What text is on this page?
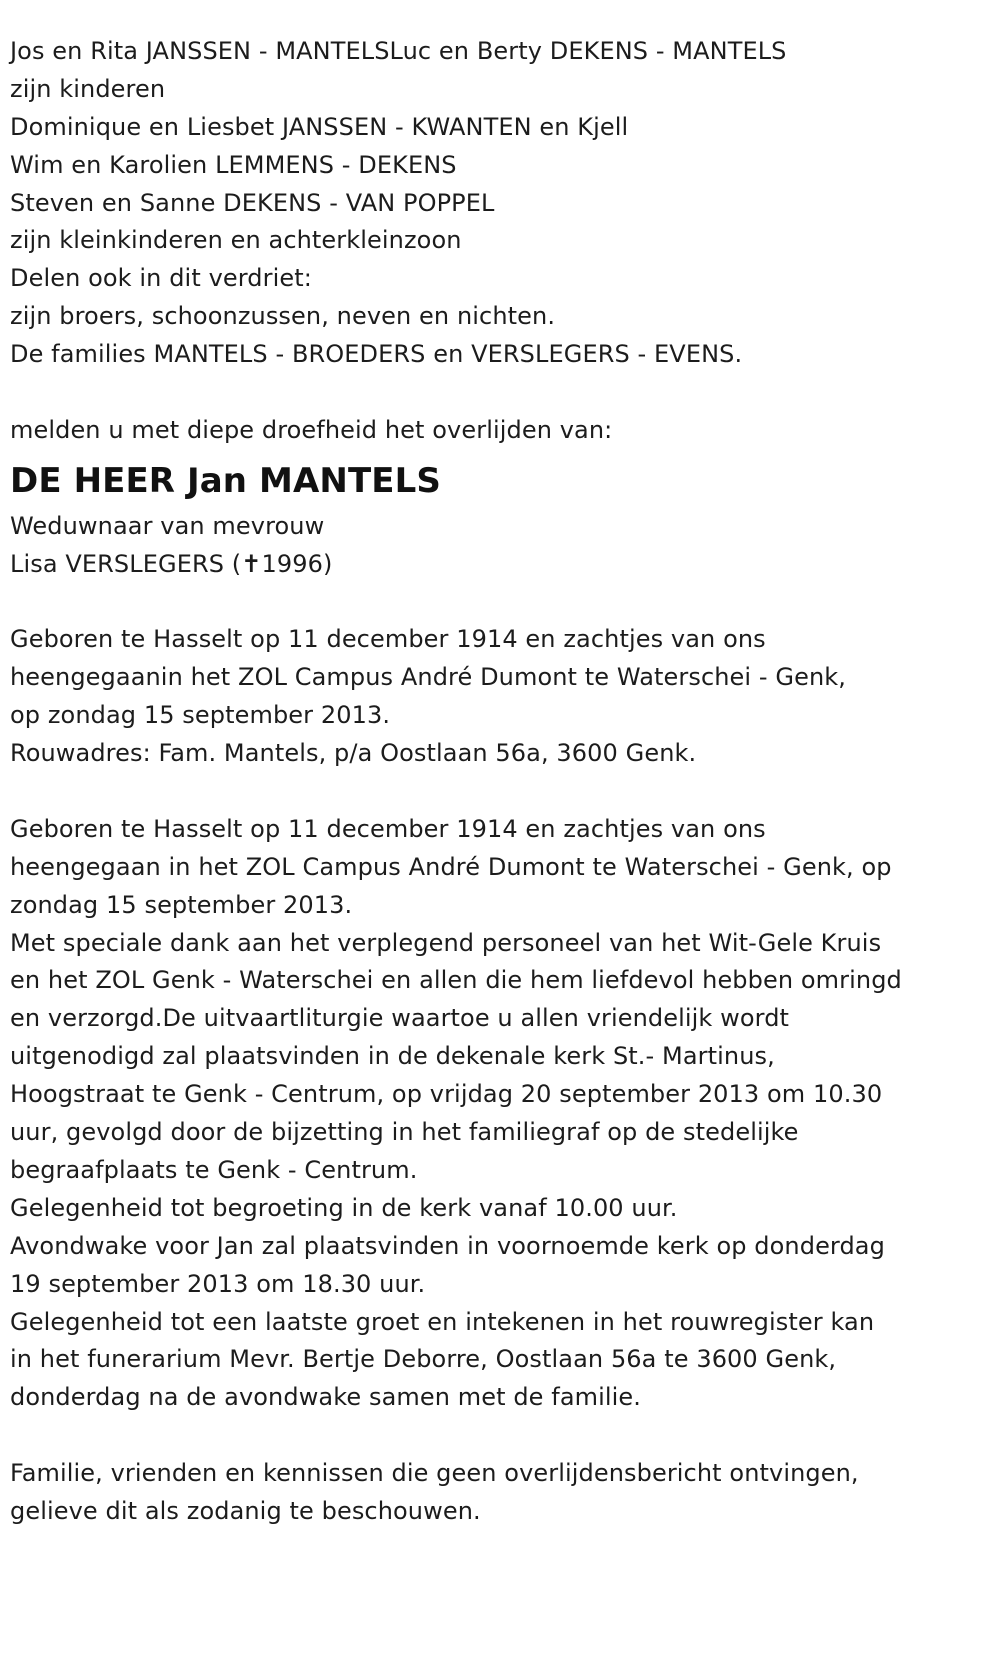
Jos en Rita JANSSEN - MANTELSLuc en Berty DEKENS - MANTELS
zijn kinderen
Dominique en Liesbet JANSSEN - KWANTEN en Kjell
Wim en Karolien LEMMENS - DEKENS
Steven en Sanne DEKENS - VAN POPPEL
zijn kleinkinderen en achterkleinzoon
Delen ook in dit verdriet:
zijn broers, schoonzussen, neven en nichten.
De families MANTELS - BROEDERS en VERSLEGERS - EVENS.
melden u met diepe droefheid het overlijden van:
DE HEER Jan MANTELS
Weduwnaar van mevrouw
Lisa VERSLEGERS (✝1996)
Geboren te Hasselt op 11 december 1914 en zachtjes van ons
heengegaanin het ZOL Campus André Dumont te Waterschei - Genk,
op zondag 15 september 2013.
Rouwadres: Fam. Mantels, p/a Oostlaan 56a, 3600 Genk.
Geboren te Hasselt op 11 december 1914 en zachtjes van ons
heengegaan in het ZOL Campus André Dumont te Waterschei - Genk, op
zondag 15 september 2013.
Met speciale dank aan het verplegend personeel van het Wit-Gele Kruis
en het ZOL Genk - Waterschei en allen die hem liefdevol hebben omringd
en verzorgd.De uitvaartliturgie waartoe u allen vriendelijk wordt
uitgenodigd zal plaatsvinden in de dekenale kerk St.- Martinus,
Hoogstraat te Genk - Centrum, op vrijdag 20 september 2013 om 10.30
uur, gevolgd door de bijzetting in het familiegraf op de stedelijke
begraafplaats te Genk - Centrum.
Gelegenheid tot begroeting in de kerk vanaf 10.00 uur.
Avondwake voor Jan zal plaatsvinden in voornoemde kerk op donderdag
19 september 2013 om 18.30 uur.
Gelegenheid tot een laatste groet en intekenen in het rouwregister kan
in het funerarium Mevr. Bertje Deborre, Oostlaan 56a te 3600 Genk,
donderdag na de avondwake samen met de familie.
Familie, vrienden en kennissen die geen overlijdensbericht ontvingen,
gelieve dit als zodanig te beschouwen.
